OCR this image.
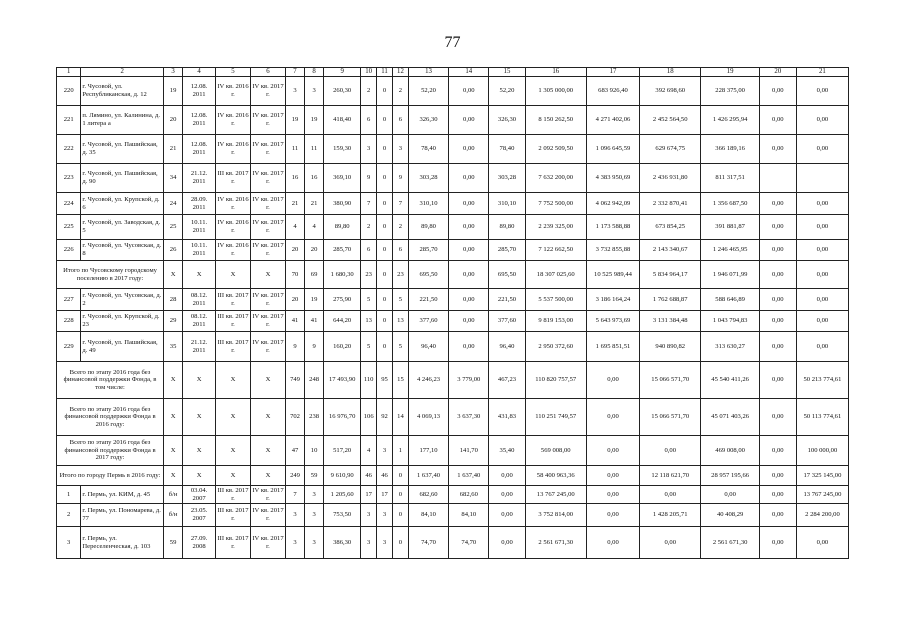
77
1	2	3	4	5	6	7	8	9	10	11	12	13	14	15	16	17	18	19	20	21
220	г. Чусовой, ул. Республиканская, д. 12	19	12.08. 2011	IV кв. 2016 г.	IV кв. 2017 г.	3	3	260,30	2	0	2	52,20	0,00	52,20	1 305 000,00	683 926,40	392 698,60	228 375,00	0,00	0,00
221	п. Лямино, ул. Калинина, д. 1 литера а	20	12.08. 2011	IV кв. 2016 г.	IV кв. 2017 г.	19	19	418,40	6	0	6	326,30	0,00	326,30	8 150 262,50	4 271 402,06	2 452 564,50	1 426 295,94	0,00	0,00
222	г. Чусовой, ул. Пашийская, д. 35	21	12.08. 2011	IV кв. 2016 г.	IV кв. 2017 г.	11	11	159,30	3	0	3	78,40	0,00	78,40	2 092 509,50	1 096 645,59	629 674,75	366 189,16	0,00	0,00
223	г. Чусовой, ул. Пашийская, д. 90	34	21.12. 2011	III кв. 2017 г.	IV кв. 2017 г.	16	16	369,10	9	0	9	303,28	0,00	303,28	7 632 200,00	4 383 950,69	2 436 931,80	811 317,51		
224	г. Чусовой, ул. Крупской, д. 6	24	28.09. 2011	IV кв. 2016 г.	IV кв. 2017 г.	21	21	380,90	7	0	7	310,10	0,00	310,10	7 752 500,00	4 062 942,09	2 332 870,41	1 356 687,50	0,00	0,00
225	г. Чусовой, ул. Заводская, д. 5	25	10.11. 2011	IV кв. 2016 г.	IV кв. 2017 г.	4	4	89,80	2	0	2	89,80	0,00	89,80	2 239 325,00	1 173 588,88	673 854,25	391 881,87	0,00	0,00
226	г. Чусовой, ул. Чусовская, д. 8	26	10.11. 2011	IV кв. 2016 г.	IV кв. 2017 г.	20	20	285,70	6	0	6	285,70	0,00	285,70	7 122 662,50	3 732 855,88	2 143 340,67	1 246 465,95	0,00	0,00
Итого по Чусовскому городскому поселению в 2017 году:		X	X	X	X	70	69	1 680,30	23	0	23	695,50	0,00	695,50	18 307 025,60	10 525 989,44	5 834 964,17	1 946 071,99	0,00	0,00
227	г. Чусовой, ул. Чусовская, д. 2	28	08.12. 2011	III кв. 2017 г.	IV кв. 2017 г.	20	19	275,90	5	0	5	221,50	0,00	221,50	5 537 500,00	3 186 164,24	1 762 688,87	588 646,89	0,00	0,00
228	г. Чусовой, ул. Крупской, д. 23	29	08.12. 2011	III кв. 2017 г.	IV кв. 2017 г.	41	41	644,20	13	0	13	377,60	0,00	377,60	9 819 153,00	5 643 973,69	3 131 384,48	1 043 794,83	0,00	0,00
229	г. Чусовой, ул. Пашийская, д. 49	35	21.12. 2011	III кв. 2017 г.	IV кв. 2017 г.	9	9	160,20	5	0	5	96,40	0,00	96,40	2 950 372,60	1 695 851,51	940 890,82	313 630,27	0,00	0,00
Всего по этапу 2016 года без финансовой поддержки Фонда, в том числе:		X	X	X	X	749	248	17 493,90	110	95	15	4 246,23	3 779,00	467,23	110 820 757,57	0,00	15 066 571,70	45 540 411,26	0,00	50 213 774,61
Всего по этапу 2016 года без финансовой поддержки Фонда в 2016 году:		X	X	X	X	702	238	16 976,70	106	92	14	4 069,13	3 637,30	431,83	110 251 749,57	0,00	15 066 571,70	45 071 403,26	0,00	50 113 774,61
Всего по этапу 2016 года без финансовой поддержки Фонда в 2017 году:		X	X	X	X	47	10	517,20	4	3	1	177,10	141,70	35,40	569 008,00	0,00	0,00	469 008,00	0,00	100 000,00
Итого по городу Пермь в 2016 году:		X	X	X	X	249	59	9 610,90	46	46	0	1 637,40	1 637,40	0,00	58 400 963,36	0,00	12 118 621,70	28 957 195,66	0,00	17 325 145,00
1	г. Пермь, ул. КИМ, д. 45	б/н	03.04. 2007	III кв. 2017 г.	IV кв. 2017 г.	7	3	1 205,60	17	17	0	682,60	682,60	0,00	13 767 245,00	0,00	0,00	0,00	0,00	13 767 245,00
2	г. Пермь, ул. Пономарева, д. 77	б/н	23.05. 2007	III кв. 2017 г.	IV кв. 2017 г.	3	3	753,50	3	3	0	84,10	84,10	0,00	3 752 814,00	0,00	1 428 205,71	40 408,29	0,00	2 284 200,00
3	г. Пермь, ул. Переселенческая, д. 103	59	27.09. 2008	III кв. 2017 г.	IV кв. 2017 г.	3	3	386,30	3	3	0	74,70	74,70	0,00	2 561 671,30	0,00	0,00	2 561 671,30	0,00	0,00
